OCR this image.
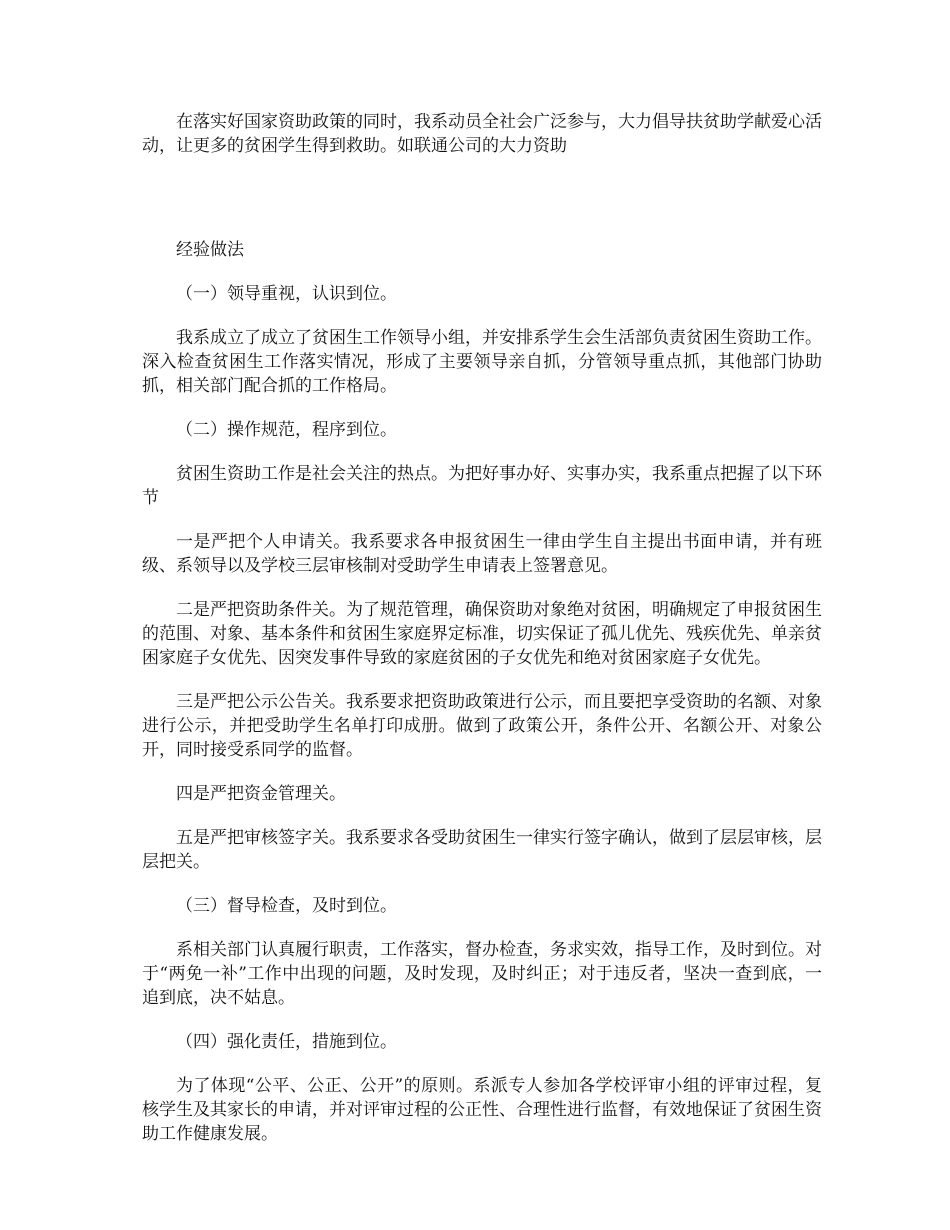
在落实好国家资助政策的同时，我系动员全社会广泛参与，大力倡导扶贫助学献爱心活动，让更多的贫困学生得到救助。如联通公司的大力资助

经验做法

（一）领导重视，认识到位。

我系成立了成立了贫困生工作领导小组，并安排系学生会生活部负责贫困生资助工作。深入检查贫困生工作落实情况，形成了主要领导亲自抓，分管领导重点抓，其他部门协助抓，相关部门配合抓的工作格局。

（二）操作规范，程序到位。

贫困生资助工作是社会关注的热点。为把好事办好、实事办实，我系重点把握了以下环节

一是严把个人申请关。我系要求各申报贫困生一律由学生自主提出书面申请，并有班级、系领导以及学校三层审核制对受助学生申请表上签署意见。

二是严把资助条件关。为了规范管理，确保资助对象绝对贫困，明确规定了申报贫困生的范围、对象、基本条件和贫困生家庭界定标准，切实保证了孤儿优先、残疾优先、单亲贫困家庭子女优先、因突发事件导致的家庭贫困的子女优先和绝对贫困家庭子女优先。

三是严把公示公告关。我系要求把资助政策进行公示，而且要把享受资助的名额、对象进行公示，并把受助学生名单打印成册。做到了政策公开，条件公开、名额公开、对象公开，同时接受系同学的监督。

四是严把资金管理关。

五是严把审核签字关。我系要求各受助贫困生一律实行签字确认，做到了层层审核，层层把关。

（三）督导检查，及时到位。

系相关部门认真履行职责，工作落实，督办检查，务求实效，指导工作，及时到位。对于“两免一补”工作中出现的问题，及时发现，及时纠正；对于违反者，坚决一查到底，一追到底，决不姑息。

（四）强化责任，措施到位。

为了体现“公平、公正、公开”的原则。系派专人参加各学校评审小组的评审过程，复核学生及其家长的申请，并对评审过程的公正性、合理性进行监督，有效地保证了贫困生资助工作健康发展。
